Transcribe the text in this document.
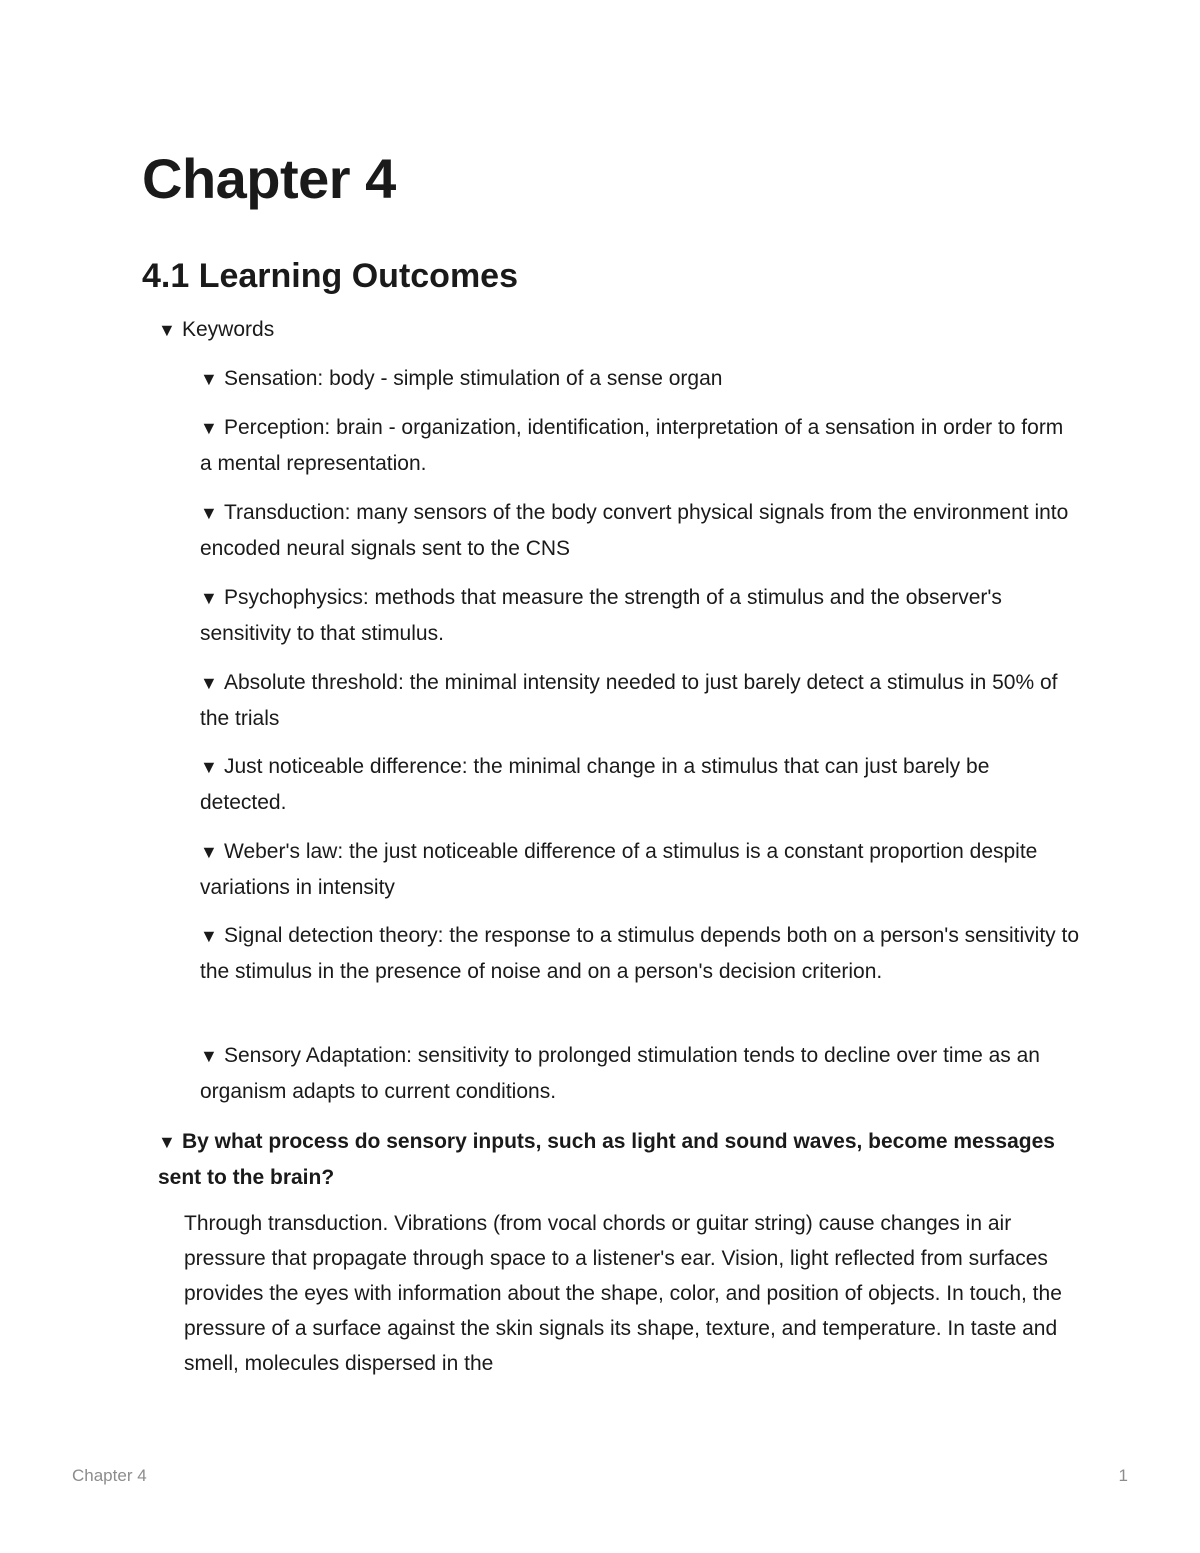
Chapter 4
4.1 Learning Outcomes
▼ Keywords
▼ Sensation: body - simple stimulation of a sense organ
▼ Perception: brain - organization, identification, interpretation of a sensation in order to form a mental representation.
▼ Transduction: many sensors of the body convert physical signals from the environment into encoded neural signals sent to the CNS
▼ Psychophysics: methods that measure the strength of a stimulus and the observer's sensitivity to that stimulus.
▼ Absolute threshold: the minimal intensity needed to just barely detect a stimulus in 50% of the trials
▼ Just noticeable difference: the minimal change in a stimulus that can just barely be detected.
▼ Weber's law: the just noticeable difference of a stimulus is a constant proportion despite variations in intensity
▼ Signal detection theory: the response to a stimulus depends both on a person's sensitivity to the stimulus in the presence of noise and on a person's decision criterion.
▼ Sensory Adaptation: sensitivity to prolonged stimulation tends to decline over time as an organism adapts to current conditions.
▼ By what process do sensory inputs, such as light and sound waves, become messages sent to the brain?
Through transduction. Vibrations (from vocal chords or guitar string) cause changes in air pressure that propagate through space to a listener's ear. Vision, light reflected from surfaces provides the eyes with information about the shape, color, and position of objects. In touch, the pressure of a surface against the skin signals its shape, texture, and temperature. In taste and smell, molecules dispersed in the
Chapter 4	1
